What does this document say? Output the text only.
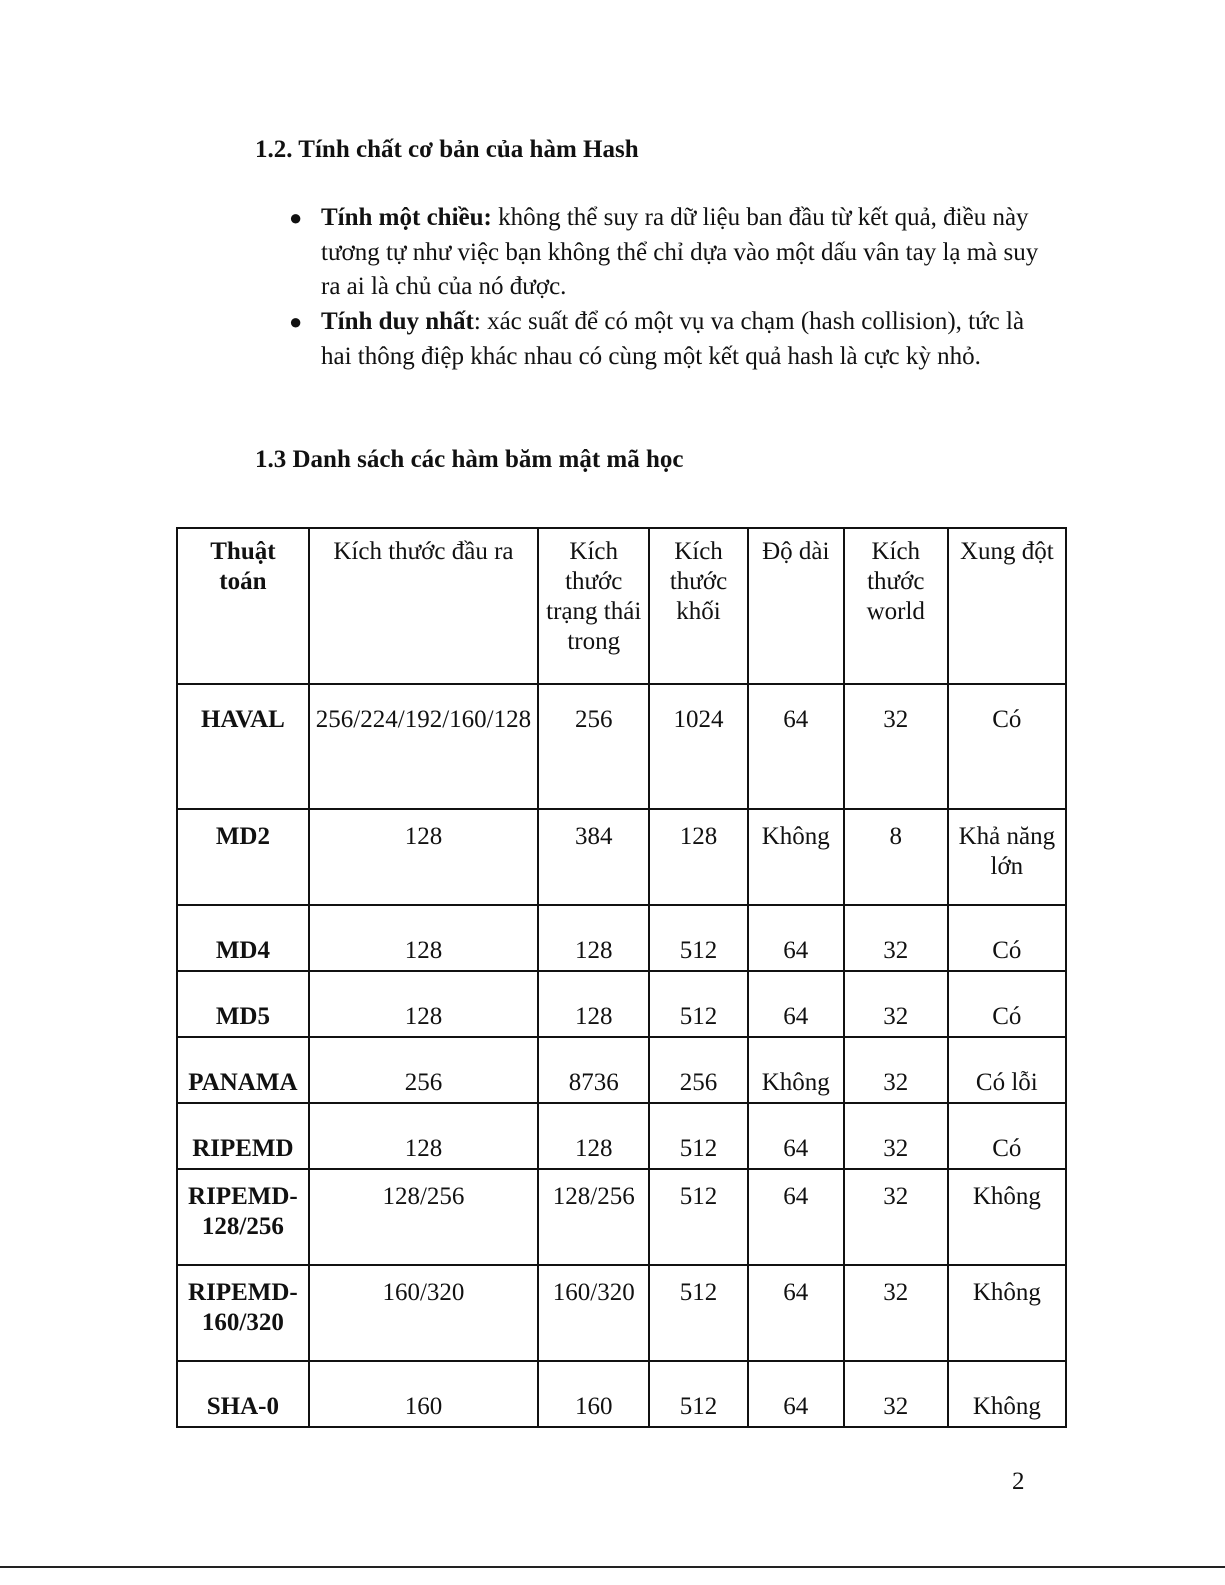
1.2. Tính chất cơ bản của hàm Hash
● Tính một chiều: không thể suy ra dữ liệu ban đầu từ kết quả, điều này tương tự như việc bạn không thể chỉ dựa vào một dấu vân tay lạ mà suy ra ai là chủ của nó được.
● Tính duy nhất: xác suất để có một vụ va chạm (hash collision), tức là hai thông điệp khác nhau có cùng một kết quả hash là cực kỳ nhỏ.
1.3 Danh sách các hàm băm mật mã học
Thuật toán	Kích thước đầu ra	Kích thước trạng thái trong	Kích thước khối	Độ dài	Kích thước world	Xung đột
HAVAL	256/224/192/160/128	256	1024	64	32	Có
MD2	128	384	128	Không	8	Khả năng lớn
MD4	128	128	512	64	32	Có
MD5	128	128	512	64	32	Có
PANAMA	256	8736	256	Không	32	Có lỗi
RIPEMD	128	128	512	64	32	Có
RIPEMD-128/256	128/256	128/256	512	64	32	Không
RIPEMD-160/320	160/320	160/320	512	64	32	Không
SHA-0	160	160	512	64	32	Không
2
